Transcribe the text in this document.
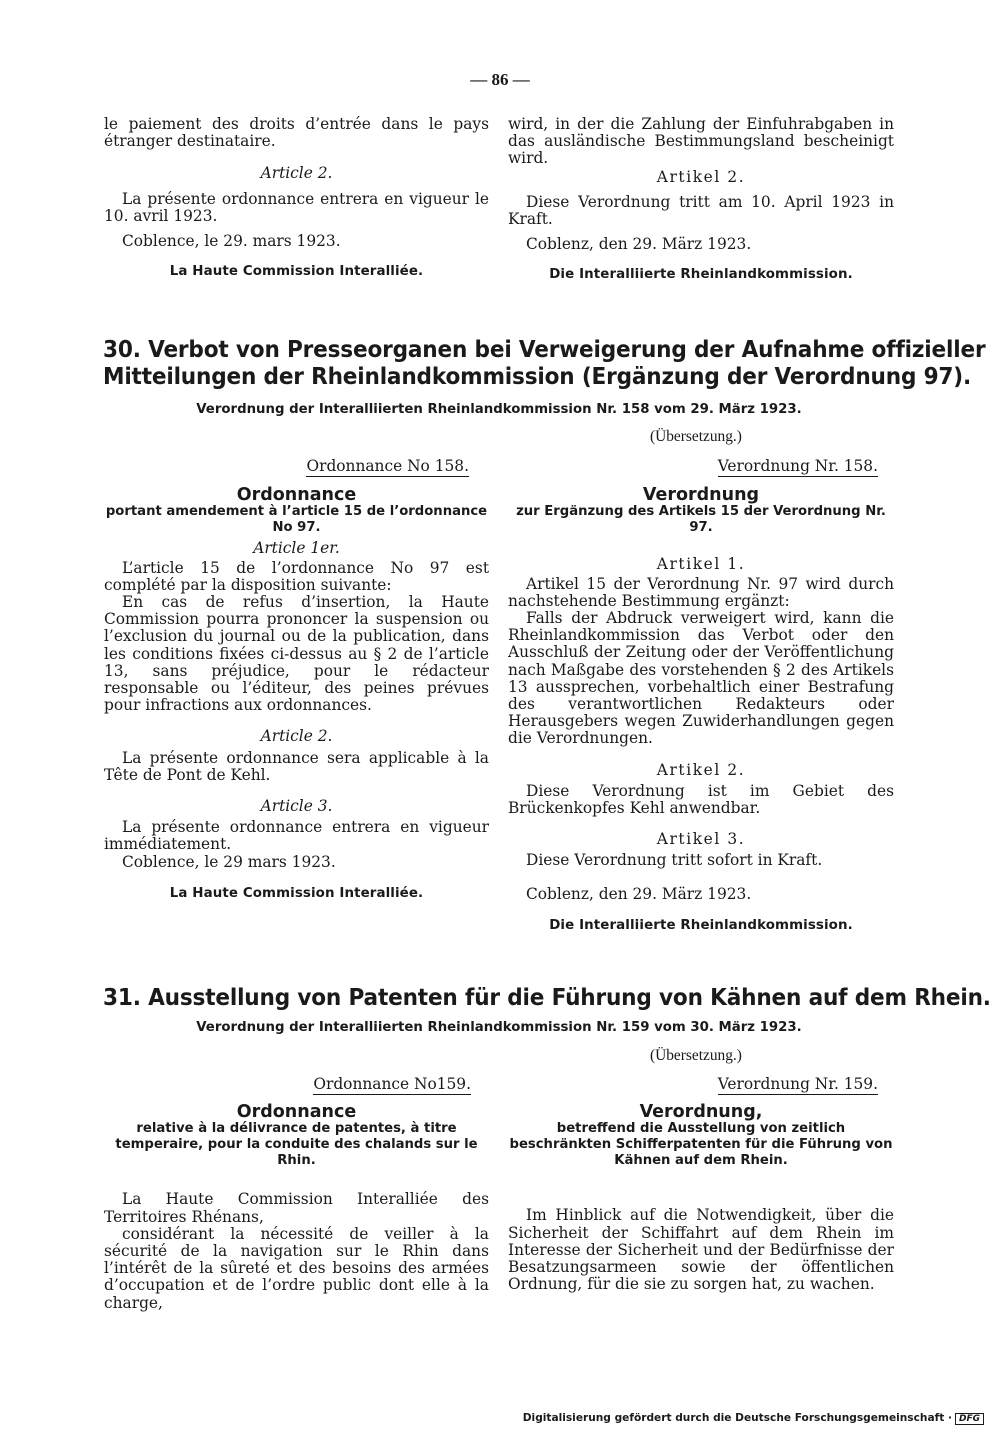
— 86 —

le paiement des droits d’entrée dans le pays étranger destinataire.

Article 2.

La présente ordonnance entrera en vigueur le 10. avril 1923.

Coblence, le 29. mars 1923.

La Haute Commission Interalliée.

wird, in der die Zahlung der Einfuhrabgaben in das ausländische Bestimmungsland bescheinigt wird.

Artikel 2.

Diese Verordnung tritt am 10. April 1923 in Kraft.

Coblenz, den 29. März 1923.

Die Interalliierte Rheinlandkommission.

30. Verbot von Presseorganen bei Verweigerung der Aufnahme offizieller
Mitteilungen der Rheinlandkommission (Ergänzung der Verordnung 97).
Verordnung der Interalliierten Rheinlandkommission Nr. 158 vom 29. März 1923.
(Übersetzung.)

Ordonnance No 158.

Ordonnance

portant amendement à l’article 15 de l’ordonnance No 97.

Article 1er.

L’article 15 de l’ordonnance No 97 est complété par la disposition suivante:

En cas de refus d’insertion, la Haute Commission pourra prononcer la suspension ou l’exclusion du journal ou de la publication, dans les conditions fixées ci-dessus au § 2 de l’article 13, sans préjudice, pour le rédacteur responsable ou l’éditeur, des peines prévues pour infractions aux ordonnances.

Article 2.

La présente ordonnance sera applicable à la Tête de Pont de Kehl.

Article 3.

La présente ordonnance entrera en vigueur immédiatement.

Coblence, le 29 mars 1923.

La Haute Commission Interalliée.

Verordnung Nr. 158.

Verordnung

zur Ergänzung des Artikels 15 der Verordnung Nr. 97.

Artikel 1.

Artikel 15 der Verordnung Nr. 97 wird durch nachstehende Bestimmung ergänzt:

Falls der Abdruck verweigert wird, kann die Rheinlandkommission das Verbot oder den Ausschluß der Zeitung oder der Veröffentlichung nach Maßgabe des vorstehenden § 2 des Artikels 13 aussprechen, vorbehaltlich einer Bestrafung des verantwortlichen Redakteurs oder Herausgebers wegen Zuwiderhandlungen gegen die Verordnungen.

Artikel 2.

Diese Verordnung ist im Gebiet des Brückenkopfes Kehl anwendbar.

Artikel 3.

Diese Verordnung tritt sofort in Kraft.

Coblenz, den 29. März 1923.

Die Interalliierte Rheinlandkommission.

31. Ausstellung von Patenten für die Führung von Kähnen auf dem Rhein.
Verordnung der Interalliierten Rheinlandkommission Nr. 159 vom 30. März 1923.
(Übersetzung.)

Ordonnance No159.

Ordonnance

relative à la délivrance de patentes, à titre temperaire, pour la conduite des chalands sur le Rhin.

La Haute Commission Interalliée des Territoires Rhénans,

considérant la nécessité de veiller à la sécurité de la navigation sur le Rhin dans l’intérêt de la sûreté et des besoins des armées d’occupation et de l’ordre public dont elle à la charge,

Verordnung Nr. 159.

Verordnung,

betreffend die Ausstellung von zeitlich beschränkten Schifferpatenten für die Führung von Kähnen auf dem Rhein.

Im Hinblick auf die Notwendigkeit, über die Sicherheit der Schiffahrt auf dem Rhein im Interesse der Sicherheit und der Bedürfnisse der Besatzungsarmeen sowie der öffentlichen Ordnung, für die sie zu sorgen hat, zu wachen.

Digitalisierung gefördert durch die Deutsche Forschungsgemeinschaft · DFG
